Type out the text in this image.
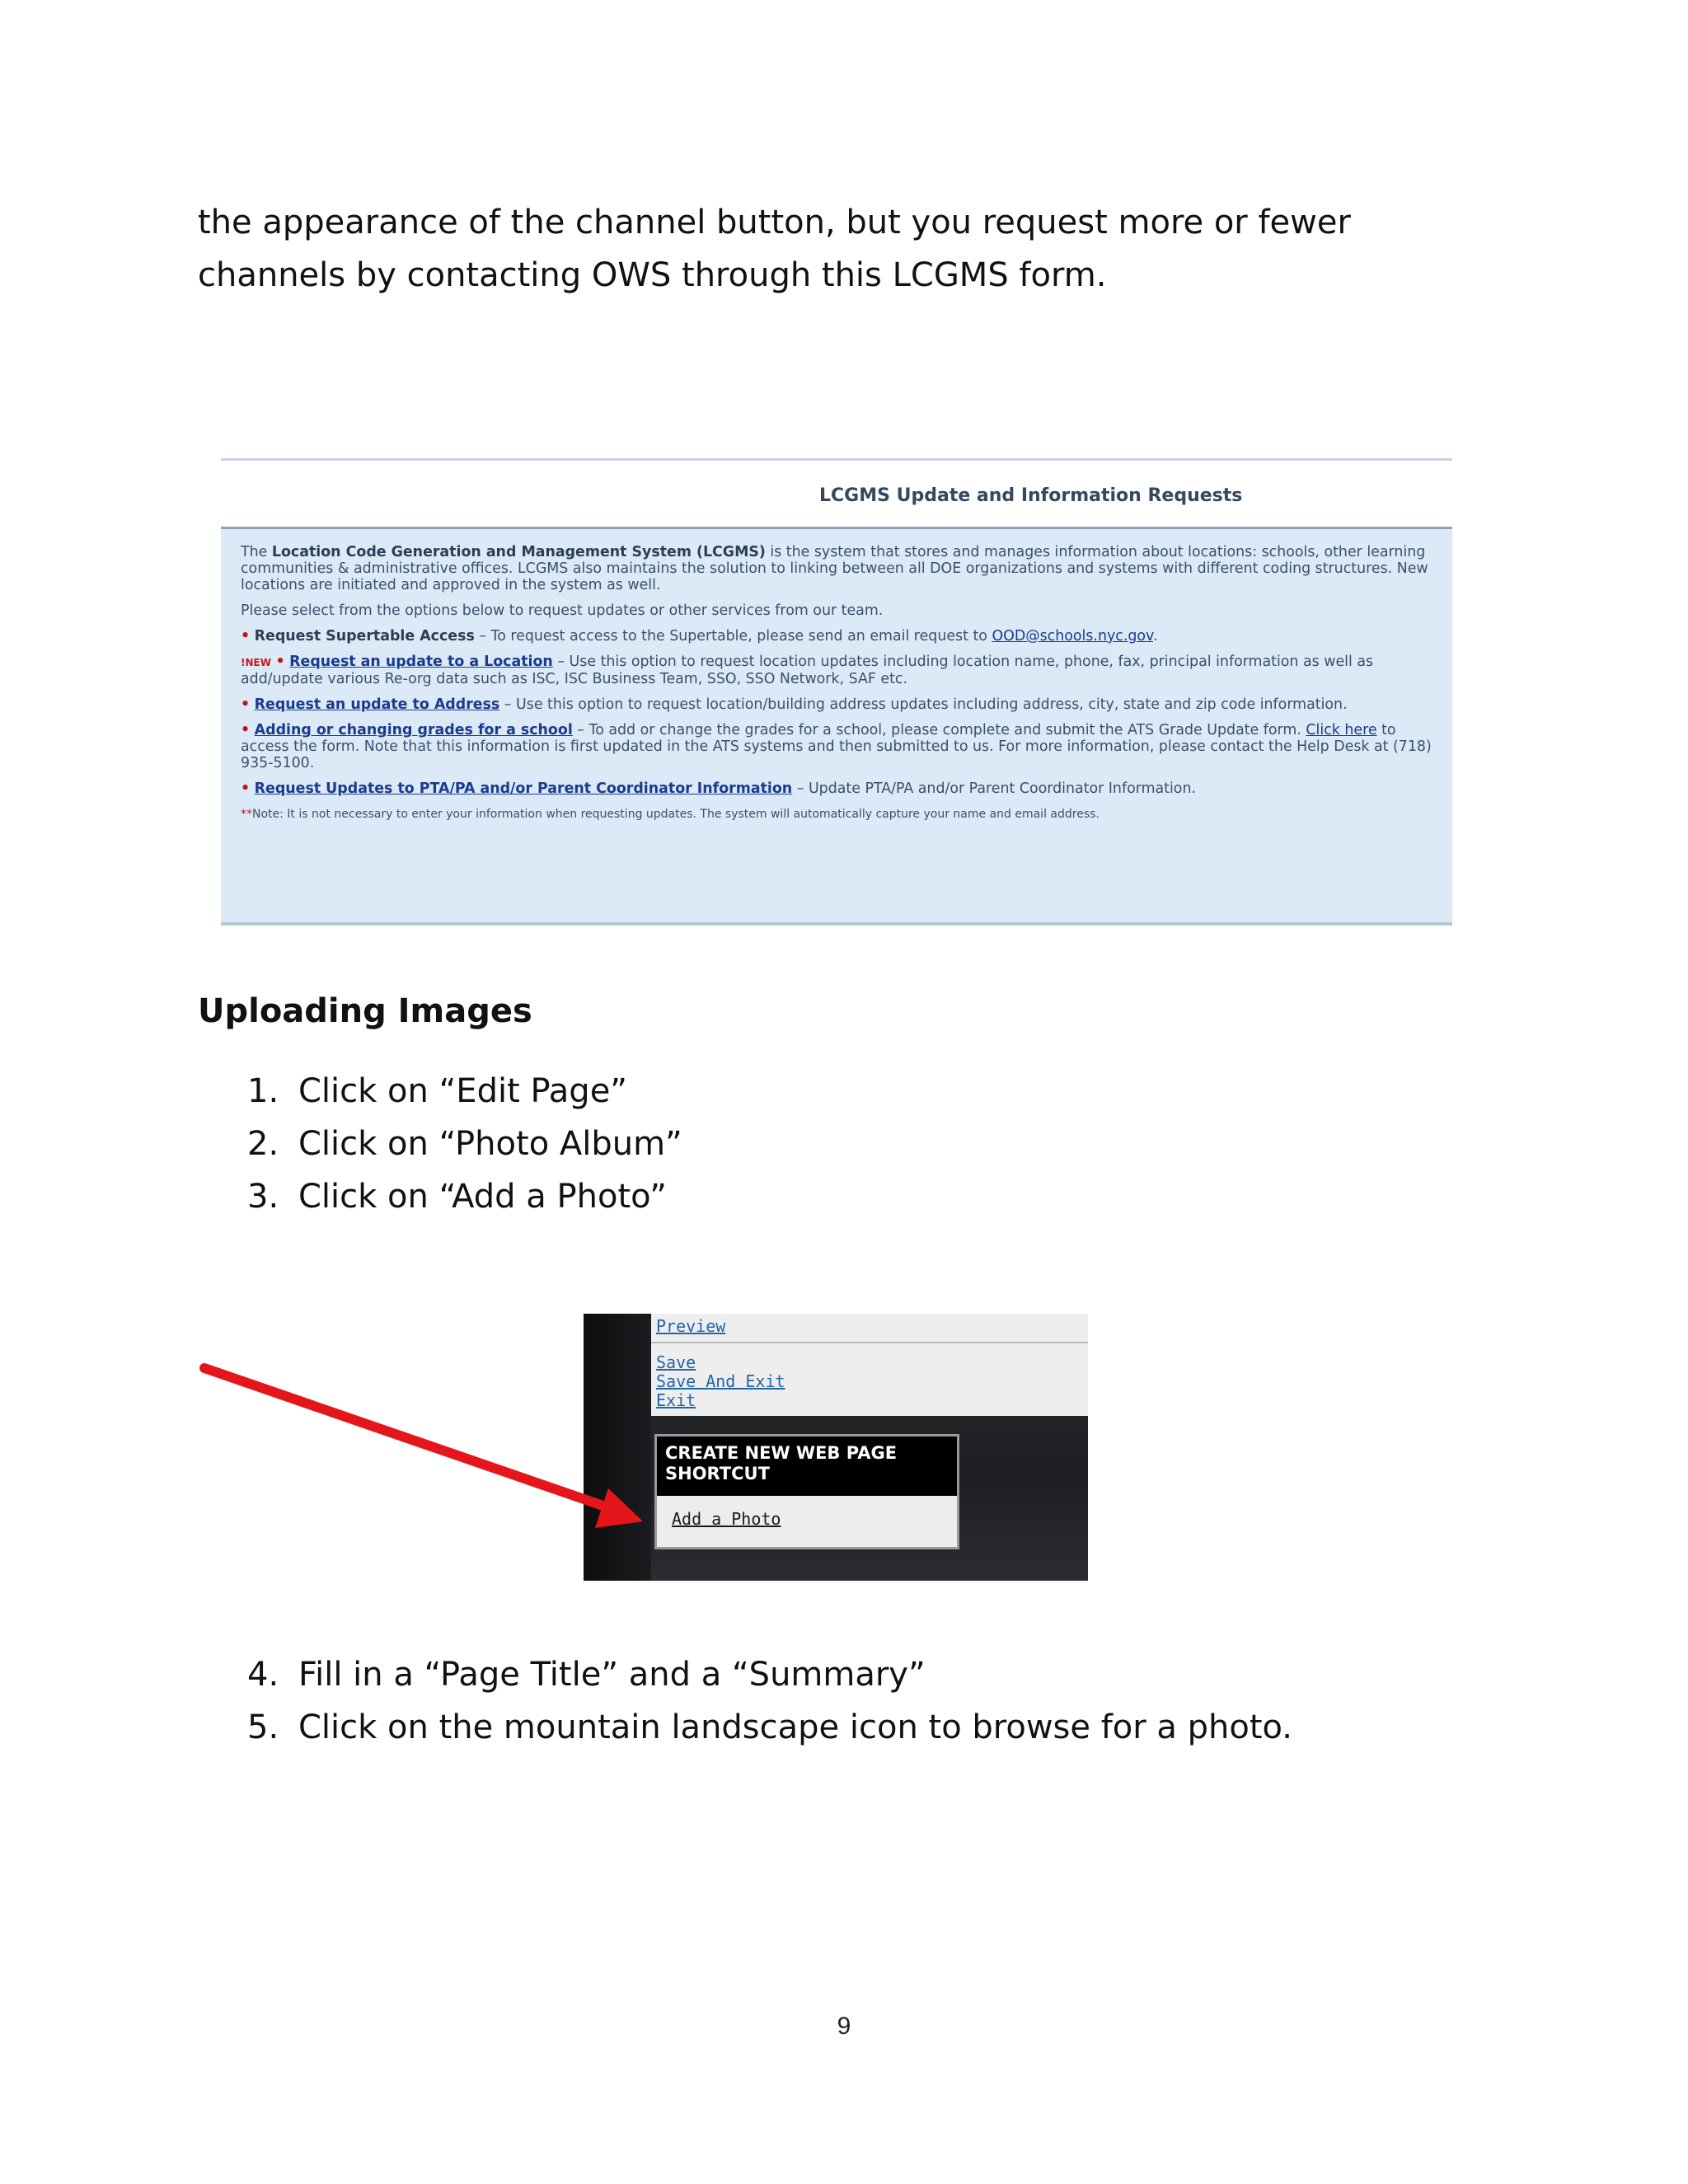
the appearance of the channel button, but you request more or fewer channels by contacting OWS through this LCGMS form.

LCGMS Update and Information Requests

The Location Code Generation and Management System (LCGMS) is the system that stores and manages information about locations: schools, other learning communities & administrative offices. LCGMS also maintains the solution to linking between all DOE organizations and systems with different coding structures. New locations are initiated and approved in the system as well.

Please select from the options below to request updates or other services from our team.

• Request Supertable Access – To request access to the Supertable, please send an email request to OOD@schools.nyc.gov.

!NEW • Request an update to a Location – Use this option to request location updates including location name, phone, fax, principal information as well as add/update various Re-org data such as ISC, ISC Business Team, SSO, SSO Network, SAF etc.

• Request an update to Address – Use this option to request location/building address updates including address, city, state and zip code information.

• Adding or changing grades for a school – To add or change the grades for a school, please complete and submit the ATS Grade Update form. Click here to access the form. Note that this information is first updated in the ATS systems and then submitted to us. For more information, please contact the Help Desk at (718) 935-5100.

• Request Updates to PTA/PA and/or Parent Coordinator Information – Update PTA/PA and/or Parent Coordinator Information.

**Note: It is not necessary to enter your information when requesting updates. The system will automatically capture your name and email address.

Uploading Images
1. Click on “Edit Page”
2. Click on “Photo Album”
3. Click on “Add a Photo”
Preview
Save
Save And Exit
Exit
CREATE NEW WEB PAGE SHORTCUT
Add a Photo
4. Fill in a “Page Title” and a “Summary”
5. Click on the mountain landscape icon to browse for a photo.
9
